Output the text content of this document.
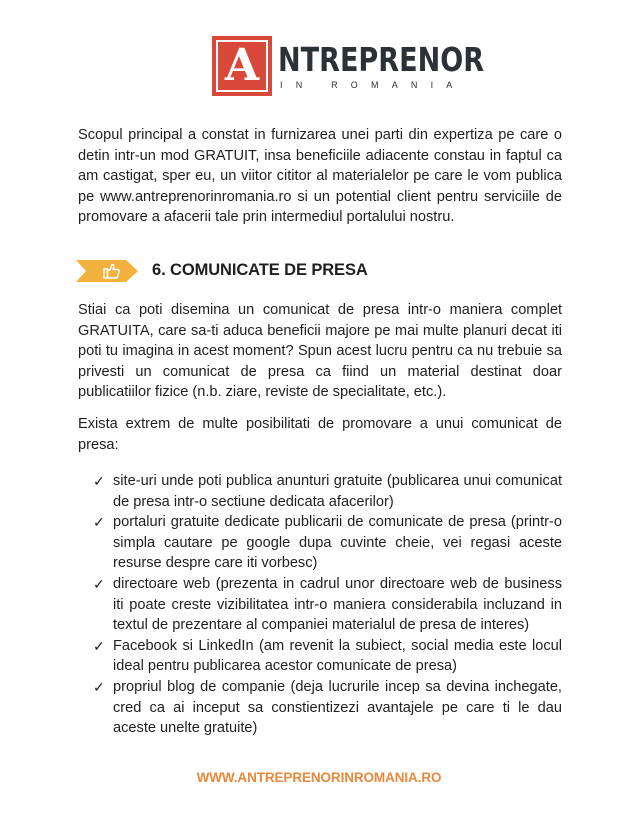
A NTREPRENOR
IN ROMANIA

Scopul principal a constat in furnizarea unei parti din expertiza pe care o detin intr-un mod GRATUIT, insa beneficiile adiacente constau in faptul ca am castigat, sper eu, un viitor cititor al materialelor pe care le vom publica pe www.antreprenorinromania.ro si un potential client pentru serviciile de promovare a afacerii tale prin intermediul portalului nostru.

6. COMUNICATE DE PRESA

Stiai ca poti disemina un comunicat de presa intr-o maniera complet GRATUITA, care sa-ti aduca beneficii majore pe mai multe planuri decat iti poti tu imagina in acest moment? Spun acest lucru pentru ca nu trebuie sa privesti un comunicat de presa ca fiind un material destinat doar publicatiilor fizice (n.b. ziare, reviste de specialitate, etc.).

Exista extrem de multe posibilitati de promovare a unui comunicat de presa:

✓ site-uri unde poti publica anunturi gratuite (publicarea unui comunicat de presa intr-o sectiune dedicata afacerilor)
✓ portaluri gratuite dedicate publicarii de comunicate de presa (printr-o simpla cautare pe google dupa cuvinte cheie, vei regasi aceste resurse despre care iti vorbesc)
✓ directoare web (prezenta in cadrul unor directoare web de business iti poate creste vizibilitatea intr-o maniera considerabila incluzand in textul de prezentare al companiei materialul de presa de interes)
✓ Facebook si LinkedIn (am revenit la subiect, social media este locul ideal pentru publicarea acestor comunicate de presa)
✓ propriul blog de companie (deja lucrurile incep sa devina inchegate, cred ca ai inceput sa constientizezi avantajele pe care ti le dau aceste unelte gratuite)
WWW.ANTREPRENORINROMANIA.RO
